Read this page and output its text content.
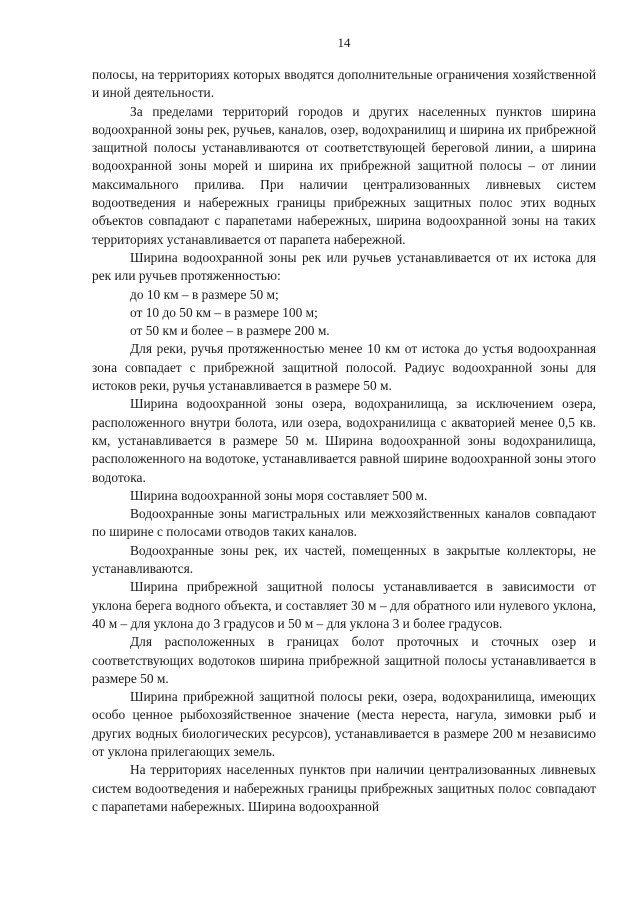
14

полосы, на территориях которых вводятся дополнительные ограничения хозяйственной и иной деятельности.

За пределами территорий городов и других населенных пунктов ширина водоохранной зоны рек, ручьев, каналов, озер, водохранилищ и ширина их прибрежной защитной полосы устанавливаются от соответствующей береговой линии, а ширина водоохранной зоны морей и ширина их прибрежной защитной полосы – от линии максимального прилива. При наличии централизованных ливневых систем водоотведения и набережных границы прибрежных защитных полос этих водных объектов совпадают с парапетами набережных, ширина водоохранной зоны на таких территориях устанавливается от парапета набережной.

Ширина водоохранной зоны рек или ручьев устанавливается от их истока для рек или ручьев протяженностью:

до 10 км – в размере 50 м;

от 10 до 50 км – в размере 100 м;

от 50 км и более – в размере 200 м.

Для реки, ручья протяженностью менее 10 км от истока до устья водоохранная зона совпадает с прибрежной защитной полосой. Радиус водоохранной зоны для истоков реки, ручья устанавливается в размере 50 м.

Ширина водоохранной зоны озера, водохранилища, за исключением озера, расположенного внутри болота, или озера, водохранилища с акваторией менее 0,5 кв. км, устанавливается в размере 50 м. Ширина водоохранной зоны водохранилища, расположенного на водотоке, устанавливается равной ширине водоохранной зоны этого водотока.

Ширина водоохранной зоны моря составляет 500 м.

Водоохранные зоны магистральных или межхозяйственных каналов совпадают по ширине с полосами отводов таких каналов.

Водоохранные зоны рек, их частей, помещенных в закрытые коллекторы, не устанавливаются.

Ширина прибрежной защитной полосы устанавливается в зависимости от уклона берега водного объекта, и составляет 30 м – для обратного или нулевого уклона, 40 м – для уклона до 3 градусов и 50 м – для уклона 3 и более градусов.

Для расположенных в границах болот проточных и сточных озер и соответствующих водотоков ширина прибрежной защитной полосы устанавливается в размере 50 м.

Ширина прибрежной защитной полосы реки, озера, водохранилища, имеющих особо ценное рыбохозяйственное значение (места нереста, нагула, зимовки рыб и других водных биологических ресурсов), устанавливается в размере 200 м независимо от уклона прилегающих земель.

На территориях населенных пунктов при наличии централизованных ливневых систем водоотведения и набережных границы прибрежных защитных полос совпадают с парапетами набережных. Ширина водоохранной
